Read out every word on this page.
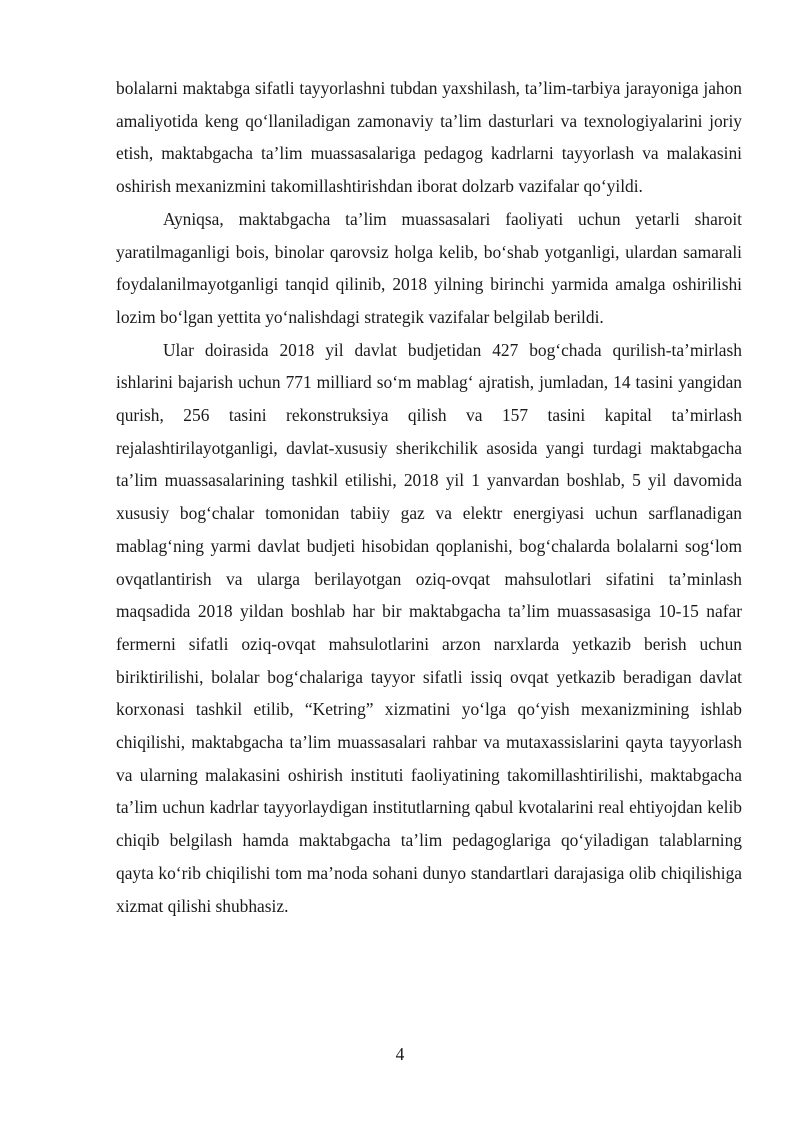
bolalarni maktabga sifatli tayyorlashni tubdan yaxshilash, ta’lim-tarbiya jarayoniga jahon amaliyotida keng qo‘llaniladigan zamonaviy ta’lim dasturlari va texnologiyalarini joriy etish, maktabgacha ta’lim muassasalariga pedagog kadrlarni tayyorlash va malakasini oshirish mexanizmini takomillashtirishdan iborat dolzarb vazifalar qo‘yildi.

Ayniqsa, maktabgacha ta’lim muassasalari faoliyati uchun yetarli sharoit yaratilmaganligi bois, binolar qarovsiz holga kelib, bo‘shab yotganligi, ulardan samarali foydalanilmayotganligi tanqid qilinib, 2018 yilning birinchi yarmida amalga oshirilishi lozim bo‘lgan yettita yo‘nalishdagi strategik vazifalar belgilab berildi.

Ular doirasida 2018 yil davlat budjetidan 427 bog‘chada qurilish-ta’mirlash ishlarini bajarish uchun 771 milliard so‘m mablag‘ ajratish, jumladan, 14 tasini yangidan qurish, 256 tasini rekonstruksiya qilish va 157 tasini kapital ta’mirlash rejalashtirilayotganligi, davlat-xususiy sherikchilik asosida yangi turdagi maktabgacha ta’lim muassasalarining tashkil etilishi, 2018 yil 1 yanvardan boshlab, 5 yil davomida xususiy bog‘chalar tomonidan tabiiy gaz va elektr energiyasi uchun sarflanadigan mablag‘ning yarmi davlat budjeti hisobidan qoplanishi, bog‘chalarda bolalarni sog‘lom ovqatlantirish va ularga berilayotgan oziq-ovqat mahsulotlari sifatini ta’minlash maqsadida 2018 yildan boshlab har bir maktabgacha ta’lim muassasasiga 10-15 nafar fermerni sifatli oziq-ovqat mahsulotlarini arzon narxlarda yetkazib berish uchun biriktirilishi, bolalar bog‘chalariga tayyor sifatli issiq ovqat yetkazib beradigan davlat korxonasi tashkil etilib, “Ketring” xizmatini yo‘lga qo‘yish mexanizmining ishlab chiqilishi, maktabgacha ta’lim muassasalari rahbar va mutaxassislarini qayta tayyorlash va ularning malakasini oshirish instituti faoliyatining takomillashtirilishi, maktabgacha ta’lim uchun kadrlar tayyorlaydigan institutlarning qabul kvotalarini real ehtiyojdan kelib chiqib belgilash hamda maktabgacha ta’lim pedagoglariga qo‘yiladigan talablarning qayta ko‘rib chiqilishi tom ma’noda sohani dunyo standartlari darajasiga olib chiqilishiga xizmat qilishi shubhasiz.

4
